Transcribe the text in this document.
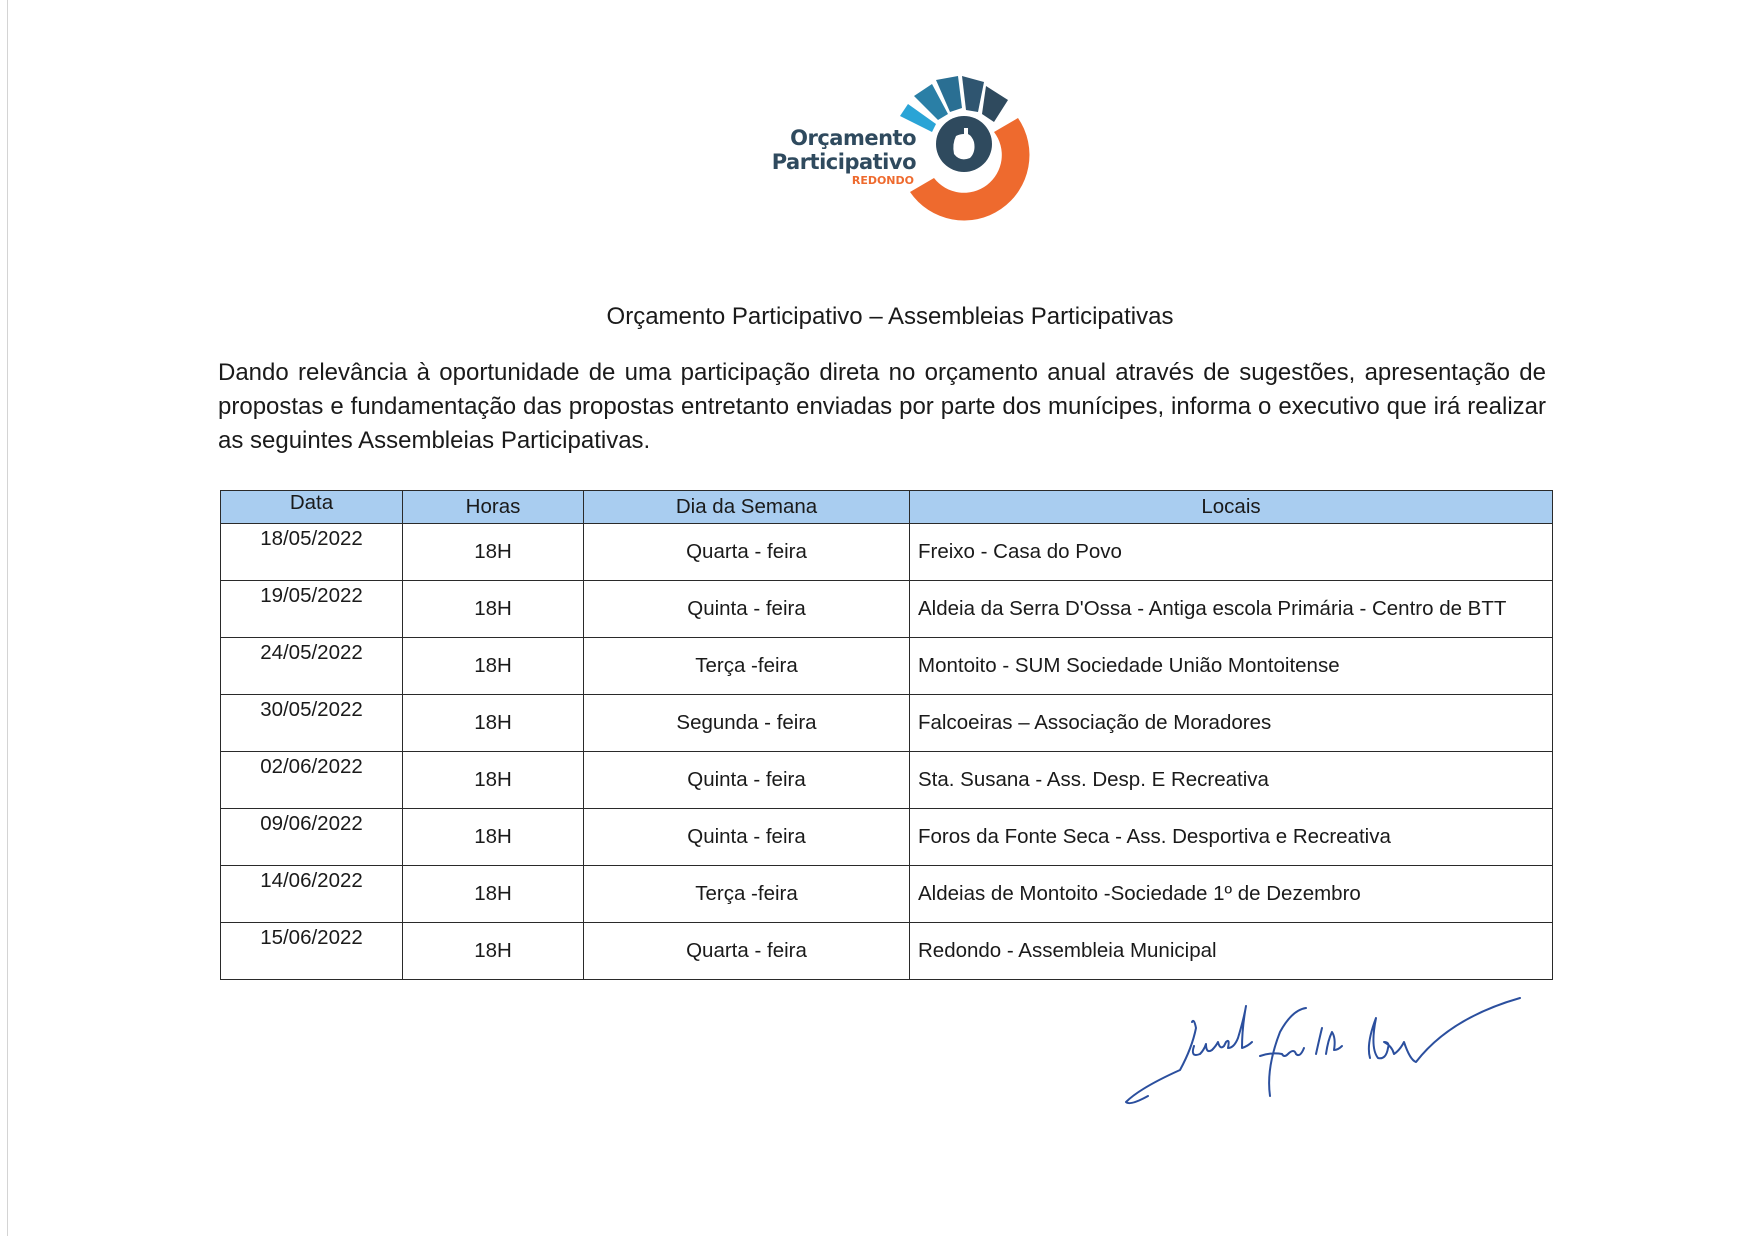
Orçamento
Participativo
REDONDO
Orçamento Participativo – Assembleias Participativas
Dando relevância à oportunidade de uma participação direta no orçamento anual através de sugestões, apresentação de propostas e fundamentação das propostas entretanto enviadas por parte dos munícipes, informa o executivo que irá realizar as seguintes Assembleias Participativas.
Data	Horas	Dia da Semana	Locais

18/05/2022	18H	Quarta - feira	Freixo - Casa do Povo

19/05/2022	18H	Quinta - feira	Aldeia da Serra D'Ossa - Antiga escola Primária - Centro de BTT

24/05/2022	18H	Terça -feira	Montoito - SUM Sociedade União Montoitense

30/05/2022	18H	Segunda - feira	Falcoeiras – Associação de Moradores

02/06/2022	18H	Quinta - feira	Sta. Susana - Ass. Desp. E Recreativa

09/06/2022	18H	Quinta - feira	Foros da Fonte Seca - Ass. Desportiva e Recreativa

14/06/2022	18H	Terça -feira	Aldeias de Montoito -Sociedade 1º de Dezembro

15/06/2022	18H	Quarta - feira	Redondo - Assembleia Municipal
